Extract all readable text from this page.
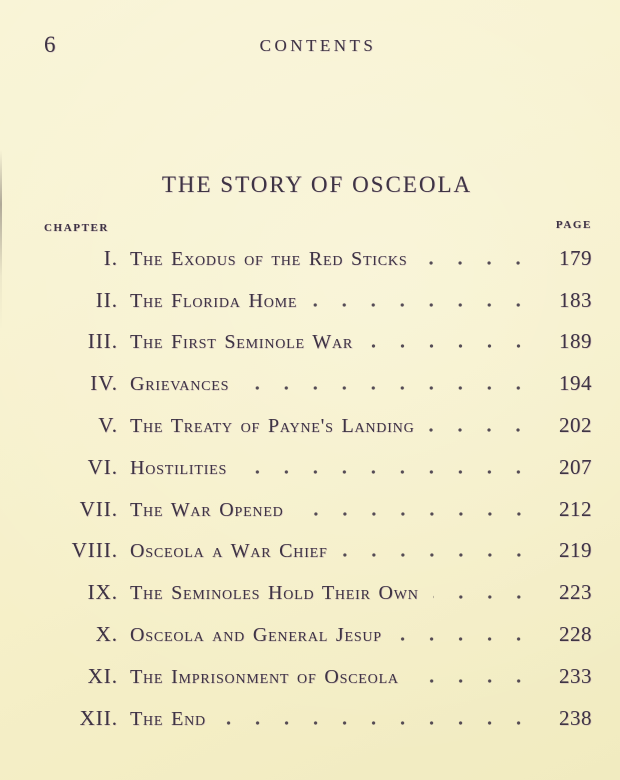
6	CONTENTS
THE STORY OF OSCEOLA
CHAPTER	PAGE
I. The Exodus of the Red Sticks	179
II. The Florida Home	183
III. The First Seminole War	189
IV. Grievances	194
V. The Treaty of Payne's Landing	202
VI. Hostilities	207
VII. The War Opened	212
VIII. Osceola a War Chief	219
IX. The Seminoles Hold Their Own	223
X. Osceola and General Jesup	228
XI. The Imprisonment of Osceola	233
XII. The End	238
